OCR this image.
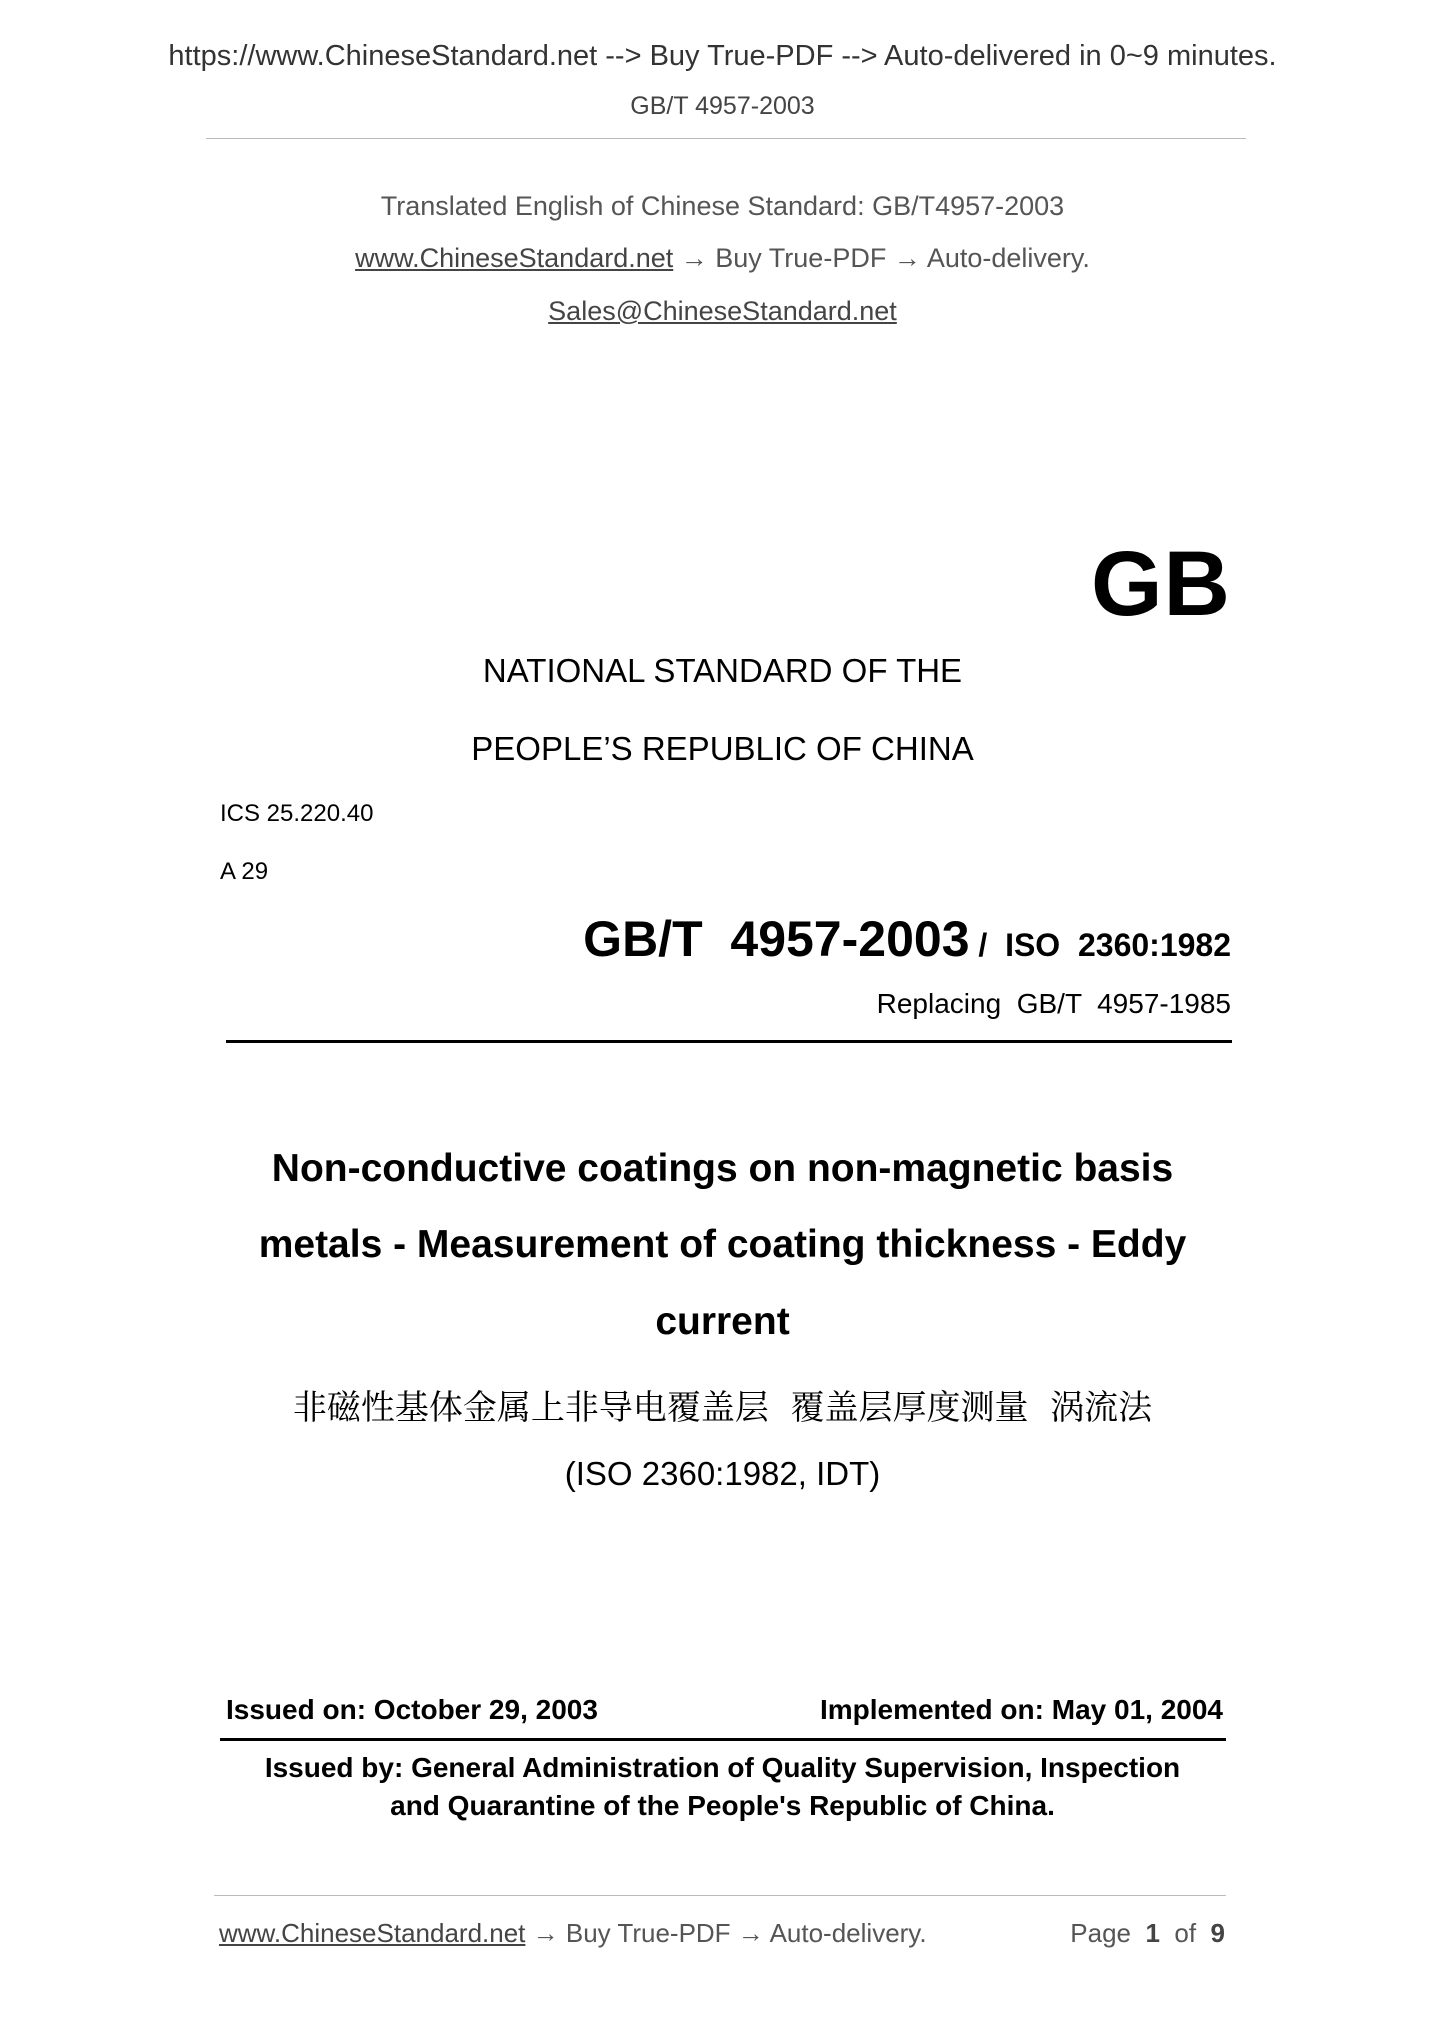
https://www.ChineseStandard.net --> Buy True-PDF --> Auto-delivered in 0~9 minutes.
GB/T 4957-2003
Translated English of Chinese Standard: GB/T4957-2003
www.ChineseStandard.net → Buy True-PDF → Auto-delivery.
Sales@ChineseStandard.net
GB
NATIONAL STANDARD OF THE
PEOPLE’S REPUBLIC OF CHINA
ICS 25.220.40
A 29
GB/T  4957-2003 /  ISO  2360:1982
Replacing  GB/T  4957-1985
Non-conductive coatings on non-magnetic basis
metals - Measurement of coating thickness - Eddy
current
非磁性基体金属上非导电覆盖层  覆盖层厚度测量  涡流法
(ISO 2360:1982, IDT)
Issued on: October 29, 2003	Implemented on: May 01, 2004
Issued by: General Administration of Quality Supervision, Inspection
and Quarantine of the People's Republic of China.
www.ChineseStandard.net → Buy True-PDF → Auto-delivery.	Page 1 of 9
